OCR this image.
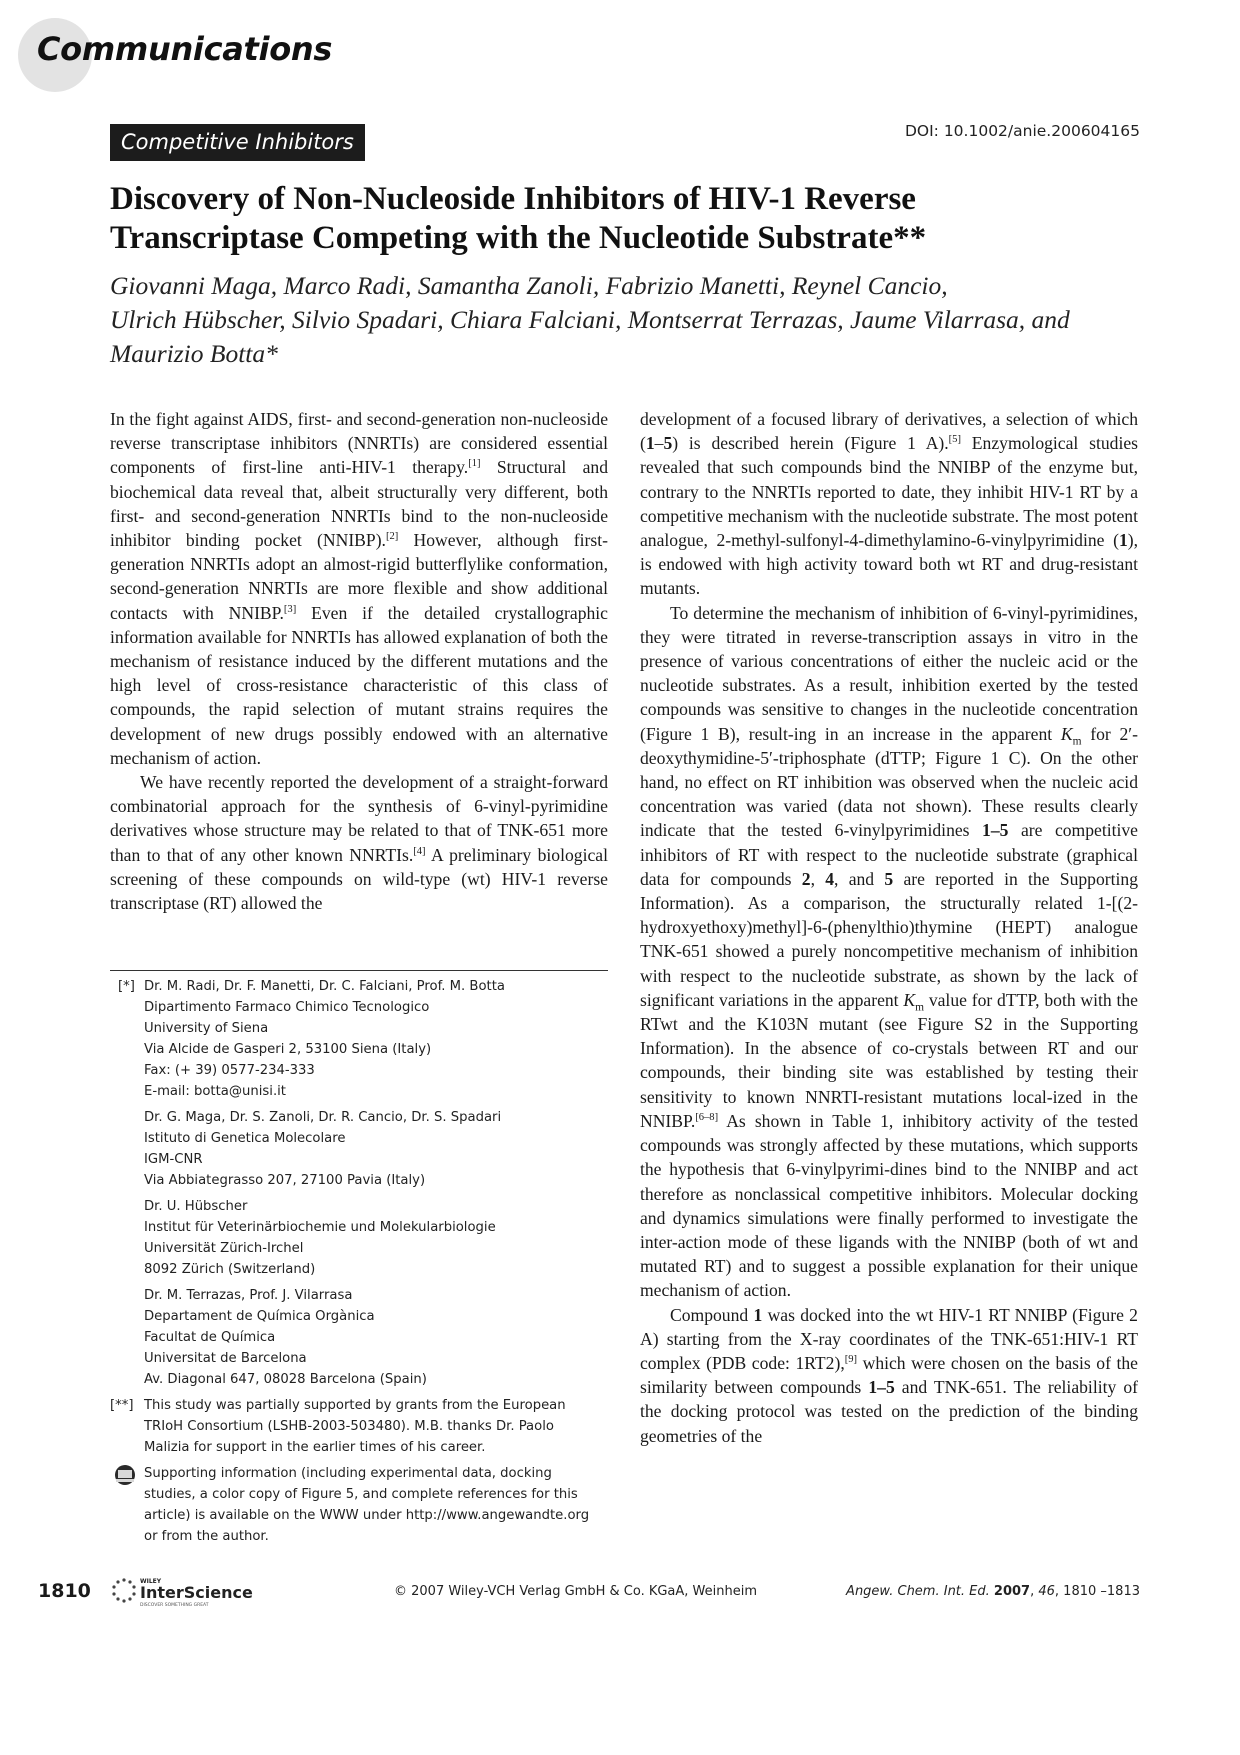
Communications
Competitive Inhibitors	DOI: 10.1002/anie.200604165
Discovery of Non-Nucleoside Inhibitors of HIV-1 Reverse
Transcriptase Competing with the Nucleotide Substrate**
Giovanni Maga, Marco Radi, Samantha Zanoli, Fabrizio Manetti, Reynel Cancio,
Ulrich Hübscher, Silvio Spadari, Chiara Falciani, Montserrat Terrazas, Jaume Vilarrasa, and
Maurizio Botta*

In the fight against AIDS, first- and second-generation non-nucleoside reverse transcriptase inhibitors (NNRTIs) are considered essential components of first-line anti-HIV-1 therapy.[1] Structural and biochemical data reveal that, albeit structurally very different, both first- and second-generation NNRTIs bind to the non-nucleoside inhibitor binding pocket (NNIBP).[2] However, although first-generation NNRTIs adopt an almost-rigid butterflylike conformation, second-generation NNRTIs are more flexible and show additional contacts with NNIBP.[3] Even if the detailed crystallographic information available for NNRTIs has allowed explanation of both the mechanism of resistance induced by the different mutations and the high level of cross-resistance characteristic of this class of compounds, the rapid selection of mutant strains requires the development of new drugs possibly endowed with an alternative mechanism of action.

We have recently reported the development of a straight-forward combinatorial approach for the synthesis of 6-vinyl-pyrimidine derivatives whose structure may be related to that of TNK-651 more than to that of any other known NNRTIs.[4] A preliminary biological screening of these compounds on wild-type (wt) HIV-1 reverse transcriptase (RT) allowed the

development of a focused library of derivatives, a selection of which (1–5) is described herein (Figure 1 A).[5] Enzymological studies revealed that such compounds bind the NNIBP of the enzyme but, contrary to the NNRTIs reported to date, they inhibit HIV-1 RT by a competitive mechanism with the nucleotide substrate. The most potent analogue, 2-methyl-sulfonyl-4-dimethylamino-6-vinylpyrimidine (1), is endowed with high activity toward both wt RT and drug-resistant mutants.

To determine the mechanism of inhibition of 6-vinyl-pyrimidines, they were titrated in reverse-transcription assays in vitro in the presence of various concentrations of either the nucleic acid or the nucleotide substrates. As a result, inhibition exerted by the tested compounds was sensitive to changes in the nucleotide concentration (Figure 1 B), result-ing in an increase in the apparent $K_m$ for 2′-deoxythymidine-5′-triphosphate (dTTP; Figure 1 C). On the other hand, no effect on RT inhibition was observed when the nucleic acid concentration was varied (data not shown). These results clearly indicate that the tested 6-vinylpyrimidines 1–5 are competitive inhibitors of RT with respect to the nucleotide substrate (graphical data for compounds 2, 4, and 5 are reported in the Supporting Information). As a comparison, the structurally related 1-[(2-hydroxyethoxy)methyl]-6-(phenylthio)thymine (HEPT) analogue TNK-651 showed a purely noncompetitive mechanism of inhibition with respect to the nucleotide substrate, as shown by the lack of significant variations in the apparent $K_m$ value for dTTP, both with the RTwt and the K103N mutant (see Figure S2 in the Supporting Information). In the absence of co-crystals between RT and our compounds, their binding site was established by testing their sensitivity to known NNRTI-resistant mutations local-ized in the NNIBP.[6–8] As shown in Table 1, inhibitory activity of the tested compounds was strongly affected by these mutations, which supports the hypothesis that 6-vinylpyrimi-dines bind to the NNIBP and act therefore as nonclassical competitive inhibitors. Molecular docking and dynamics simulations were finally performed to investigate the inter-action mode of these ligands with the NNIBP (both of wt and mutated RT) and to suggest a possible explanation for their unique mechanism of action.

Compound 1 was docked into the wt HIV-1 RT NNIBP (Figure 2 A) starting from the X-ray coordinates of the TNK-651:HIV-1 RT complex (PDB code: 1RT2),[9] which were chosen on the basis of the similarity between compounds 1–5 and TNK-651. The reliability of the docking protocol was tested on the prediction of the binding geometries of the

[*] Dr. M. Radi, Dr. F. Manetti, Dr. C. Falciani, Prof. M. Botta
Dipartimento Farmaco Chimico Tecnologico
University of Siena
Via Alcide de Gasperi 2, 53100 Siena (Italy)
Fax: (+ 39) 0577-234-333
E-mail: botta@unisi.it
Dr. G. Maga, Dr. S. Zanoli, Dr. R. Cancio, Dr. S. Spadari
Istituto di Genetica Molecolare
IGM-CNR
Via Abbiategrasso 207, 27100 Pavia (Italy)
Dr. U. Hübscher
Institut für Veterinärbiochemie und Molekularbiologie
Universität Zürich-Irchel
8092 Zürich (Switzerland)
Dr. M. Terrazas, Prof. J. Vilarrasa
Departament de Química Orgànica
Facultat de Química
Universitat de Barcelona
Av. Diagonal 647, 08028 Barcelona (Spain)
[**] This study was partially supported by grants from the European
TRIoH Consortium (LSHB-2003-503480). M.B. thanks Dr. Paolo
Malizia for support in the earlier times of his career.
Supporting information (including experimental data, docking
studies, a color copy of Figure 5, and complete references for this
article) is available on the WWW under http://www.angewandte.org
or from the author.
1810	WILEY
InterScience
DISCOVER SOMETHING GREAT
© 2007 Wiley-VCH Verlag GmbH & Co. KGaA, Weinheim	Angew. Chem. Int. Ed. 2007, 46, 1810 –1813
